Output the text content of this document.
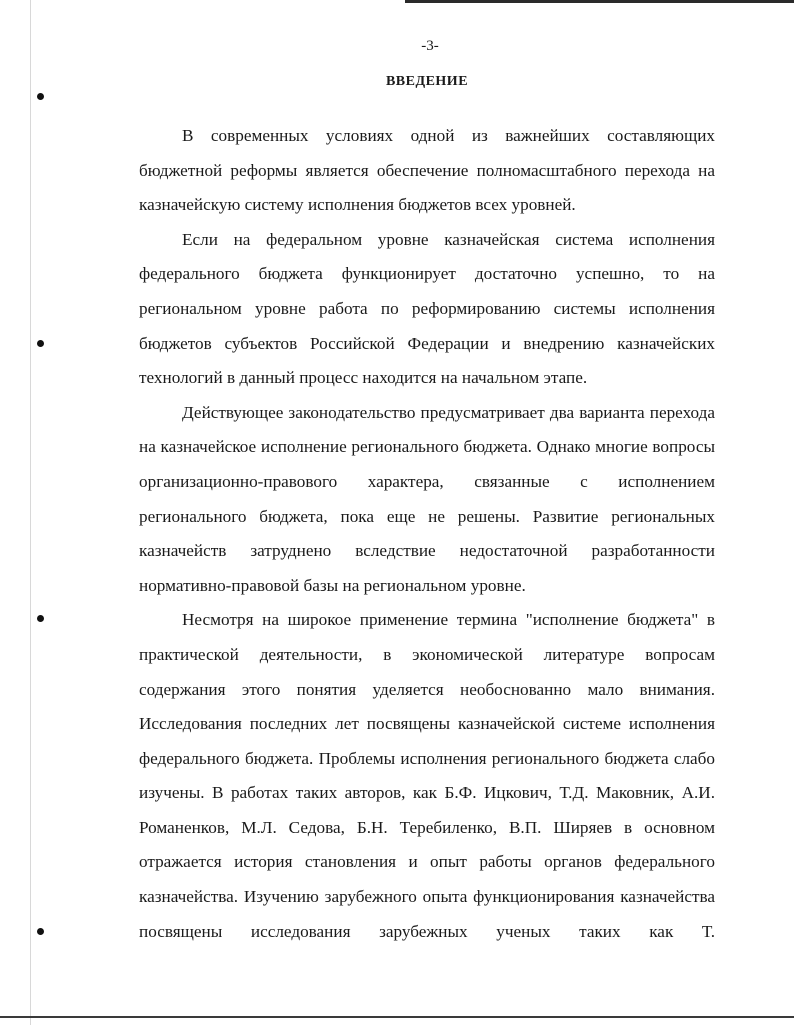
-3-
ВВЕДЕНИЕ

В современных условиях одной из важнейших составляющих бюджетной реформы является обеспечение полномасштабного перехода на казначейскую систему исполнения бюджетов всех уровней.

Если на федеральном уровне казначейская система исполнения федерального бюджета функционирует достаточно успешно, то на региональном уровне работа по реформированию системы исполнения бюджетов субъектов Российской Федерации и внедрению казначейских технологий в данный процесс находится на начальном этапе.

Действующее законодательство предусматривает два варианта перехода на казначейское исполнение регионального бюджета. Однако многие вопросы организационно-правового характера, связанные с исполнением регионального бюджета, пока еще не решены. Развитие региональных казначейств затруднено вследствие недостаточной разработанности нормативно-правовой базы на региональном уровне.

Несмотря на широкое применение термина "исполнение бюджета" в практической деятельности, в экономической литературе вопросам содержания этого понятия уделяется необоснованно мало внимания. Исследования последних лет посвящены казначейской системе исполнения федерального бюджета. Проблемы исполнения регионального бюджета слабо изучены. В работах таких авторов, как Б.Ф. Ицкович, Т.Д. Маковник, А.И. Романенков, М.Л. Седова, Б.Н. Теребиленко, В.П. Ширяев в основном отражается история становления и опыт работы органов федерального казначейства. Изучению зарубежного опыта функционирования казначейства посвящены исследования зарубежных ученых таких как Т.
